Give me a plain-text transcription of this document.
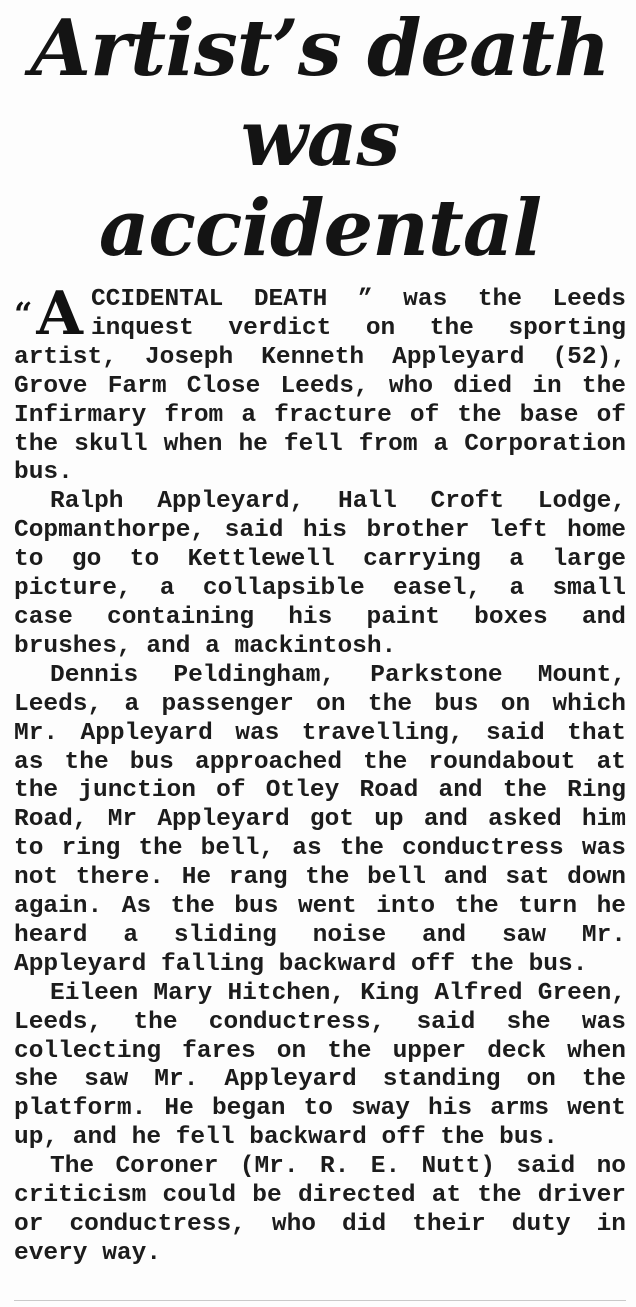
Artist’s death
was accidental

“A CCIDENTAL DEATH ” was the Leeds inquest verdict on the sporting artist, Joseph Kenneth Appleyard (52), Grove Farm Close Leeds, who died in the Infirmary from a fracture of the base of the skull when he fell from a Corporation bus.

Ralph Appleyard, Hall Croft Lodge, Copmanthorpe, said his brother left home to go to Kettlewell carrying a large picture, a collapsible easel, a small case containing his paint boxes and brushes, and a mackintosh.

Dennis Peldingham, Parkstone Mount, Leeds, a passenger on the bus on which Mr. Appleyard was travelling, said that as the bus approached the roundabout at the junction of Otley Road and the Ring Road, Mr Appleyard got up and asked him to ring the bell, as the conductress was not there. He rang the bell and sat down again. As the bus went into the turn he heard a sliding noise and saw Mr. Appleyard falling backward off the bus.

Eileen Mary Hitchen, King Alfred Green, Leeds, the conductress, said she was collecting fares on the upper deck when she saw Mr. Appleyard standing on the platform. He began to sway his arms went up, and he fell backward off the bus.

The Coroner (Mr. R. E. Nutt) said no criticism could be directed at the driver or conductress, who did their duty in every way.
